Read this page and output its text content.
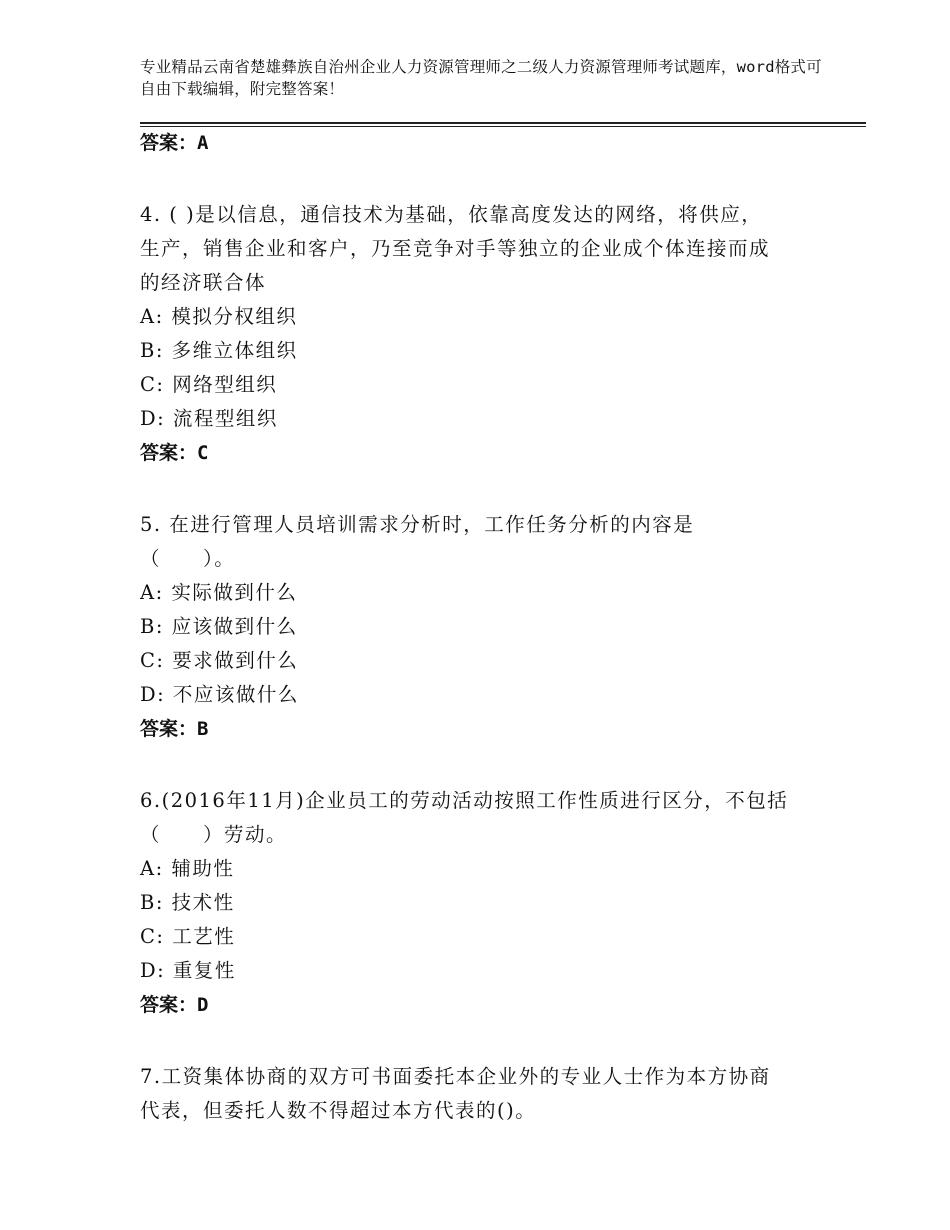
专业精品云南省楚雄彝族自治州企业人力资源管理师之二级人力资源管理师考试题库，word格式可自由下载编辑，附完整答案！

答案：A

4. ( )是以信息，通信技术为基础，依靠高度发达的网络，将供应，

生产，销售企业和客户，乃至竞争对手等独立的企业成个体连接而成

的经济联合体

A: 模拟分权组织

B: 多维立体组织

C: 网络型组织

D: 流程型组织

答案：C

5. 在进行管理人员培训需求分析时，工作任务分析的内容是

（　　）。

A: 实际做到什么

B: 应该做到什么

C: 要求做到什么

D: 不应该做什么

答案：B

6.(2016年11月)企业员工的劳动活动按照工作性质进行区分，不包括

（　　）劳动。

A: 辅助性

B: 技术性

C: 工艺性

D: 重复性

答案：D

7.工资集体协商的双方可书面委托本企业外的专业人士作为本方协商

代表，但委托人数不得超过本方代表的()。
